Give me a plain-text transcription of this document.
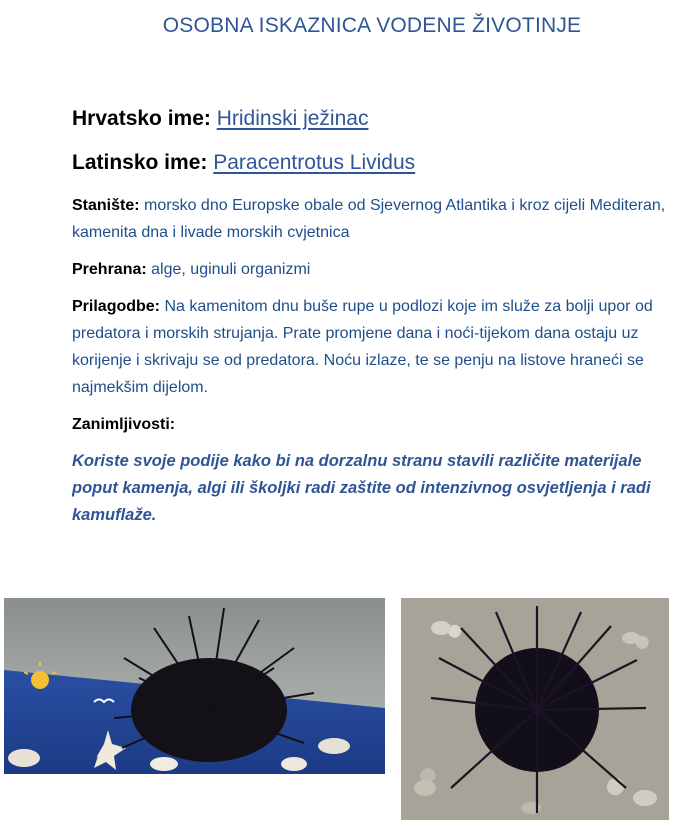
OSOBNA ISKAZNICA VODENE ŽIVOTINJE
Hrvatsko ime: Hridinski ježinac
Latinsko ime: Paracentrotus Lividus

Stanište: morsko dno Europske obale od Sjevernog Atlantika i kroz cijeli Mediteran, kamenita dna i livade morskih cvjetnica

Prehrana: alge, uginuli organizmi

Prilagodbe: Na kamenitom dnu buše rupe u podlozi koje im služe za bolji upor od predatora i morskih strujanja. Prate promjene dana i noći-tijekom dana ostaju uz korijenje i skrivaju se od predatora. Noću izlaze, te se penju na listove hraneći se najmekšim dijelom.

Zanimljivosti:

Koriste svoje podije kako bi na dorzalnu stranu stavili različite materijale poput kamenja, algi ili školjki radi zaštite od intenzivnog osvjetljenja i radi kamuflaže.
